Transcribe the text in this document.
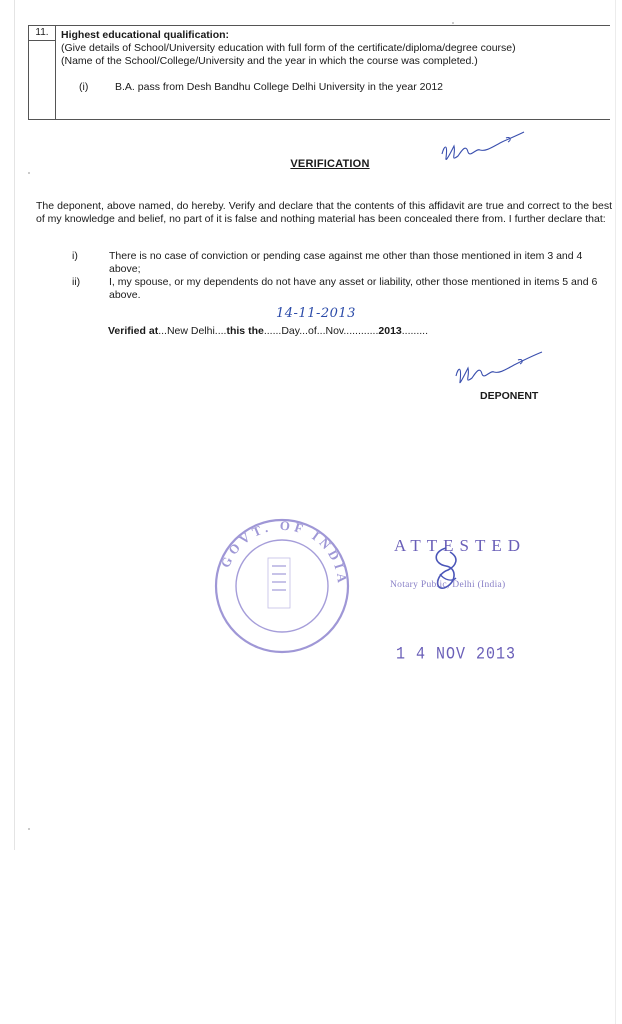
11.	Highest educational qualification:
(Give details of School/University education with full form of the certificate/diploma/degree course)
(Name of the School/College/University and the year in which the course was completed.)
(i)	B.A. pass from Desh Bandhu College Delhi University in the year 2012
VERIFICATION
The deponent, above named, do hereby. Verify and declare that the contents of this affidavit are true and correct to the best of my knowledge and belief, no part of it is false and nothing material has been concealed there from. I further declare that:
i)	There is no case of conviction or pending case against me other than those mentioned in item 3 and 4 above;
ii)	I, my spouse, or my dependents do not have any asset or liability, other those mentioned in items 5 and 6 above.
14-11-2013
Verified at...New Delhi....this the......Day...of...Nov............2013.........
DEPONENT
GOVT. OF INDIA
ATTESTED
Notary Public, Delhi (India)
1 4 NOV 2013
